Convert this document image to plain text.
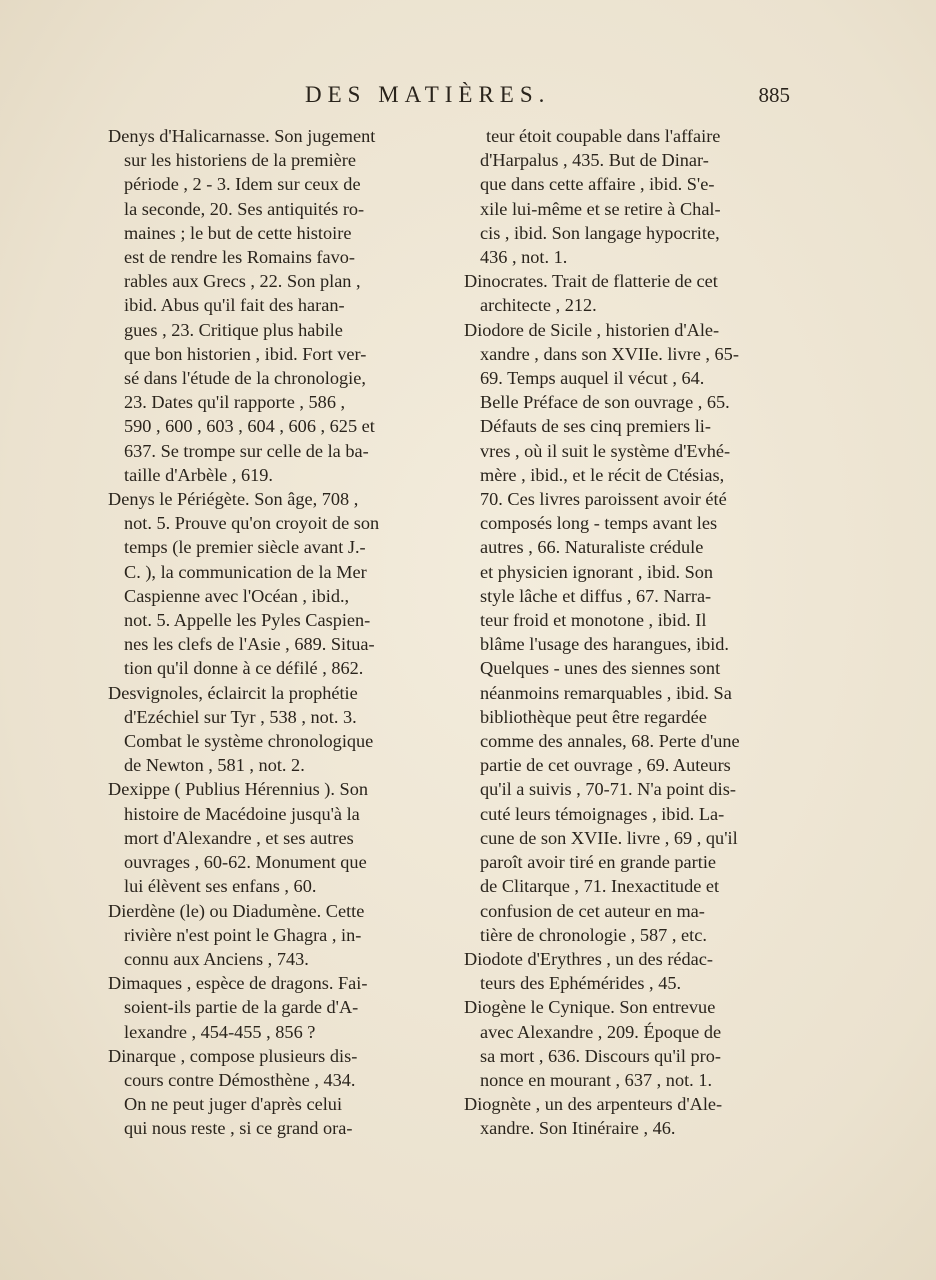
DES MATIÈRES.	885
Denys d'Halicarnasse. Son jugement
sur les historiens de la première
période , 2 - 3. Idem sur ceux de
la seconde, 20. Ses antiquités ro-
maines ; le but de cette histoire
est de rendre les Romains favo-
rables aux Grecs , 22. Son plan ,
ibid. Abus qu'il fait des haran-
gues , 23. Critique plus habile
que bon historien , ibid. Fort ver-
sé dans l'étude de la chronologie,
23. Dates qu'il rapporte , 586 ,
590 , 600 , 603 , 604 , 606 , 625 et
637. Se trompe sur celle de la ba-
taille d'Arbèle , 619.
Denys le Périégète. Son âge, 708 ,
not. 5. Prouve qu'on croyoit de son
temps (le premier siècle avant J.-
C. ), la communication de la Mer
Caspienne avec l'Océan , ibid.,
not. 5. Appelle les Pyles Caspien-
nes les clefs de l'Asie , 689. Situa-
tion qu'il donne à ce défilé , 862.
Desvignoles, éclaircit la prophétie
d'Ezéchiel sur Tyr , 538 , not. 3.
Combat le système chronologique
de Newton , 581 , not. 2.
Dexippe ( Publius Hérennius ). Son
histoire de Macédoine jusqu'à la
mort d'Alexandre , et ses autres
ouvrages , 60-62. Monument que
lui élèvent ses enfans , 60.
Dierdène (le) ou Diadumène. Cette
rivière n'est point le Ghagra , in-
connu aux Anciens , 743.
Dimaques , espèce de dragons. Fai-
soient-ils partie de la garde d'A-
lexandre , 454-455 , 856 ?
Dinarque , compose plusieurs dis-
cours contre Démosthène , 434.
On ne peut juger d'après celui
qui nous reste , si ce grand ora-
teur étoit coupable dans l'affaire
d'Harpalus , 435. But de Dinar-
que dans cette affaire , ibid. S'e-
xile lui-même et se retire à Chal-
cis , ibid. Son langage hypocrite,
436 , not. 1.
Dinocrates. Trait de flatterie de cet
architecte , 212.
Diodore de Sicile , historien d'Ale-
xandre , dans son XVIIe. livre , 65-
69. Temps auquel il vécut , 64.
Belle Préface de son ouvrage , 65.
Défauts de ses cinq premiers li-
vres , où il suit le système d'Evhé-
mère , ibid., et le récit de Ctésias,
70. Ces livres paroissent avoir été
composés long - temps avant les
autres , 66. Naturaliste crédule
et physicien ignorant , ibid. Son
style lâche et diffus , 67. Narra-
teur froid et monotone , ibid. Il
blâme l'usage des harangues, ibid.
Quelques - unes des siennes sont
néanmoins remarquables , ibid. Sa
bibliothèque peut être regardée
comme des annales, 68. Perte d'une
partie de cet ouvrage , 69. Auteurs
qu'il a suivis , 70-71. N'a point dis-
cuté leurs témoignages , ibid. La-
cune de son XVIIe. livre , 69 , qu'il
paroît avoir tiré en grande partie
de Clitarque , 71. Inexactitude et
confusion de cet auteur en ma-
tière de chronologie , 587 , etc.
Diodote d'Erythres , un des rédac-
teurs des Ephémérides , 45.
Diogène le Cynique. Son entrevue
avec Alexandre , 209. Époque de
sa mort , 636. Discours qu'il pro-
nonce en mourant , 637 , not. 1.
Diognète , un des arpenteurs d'Ale-
xandre. Son Itinéraire , 46.
